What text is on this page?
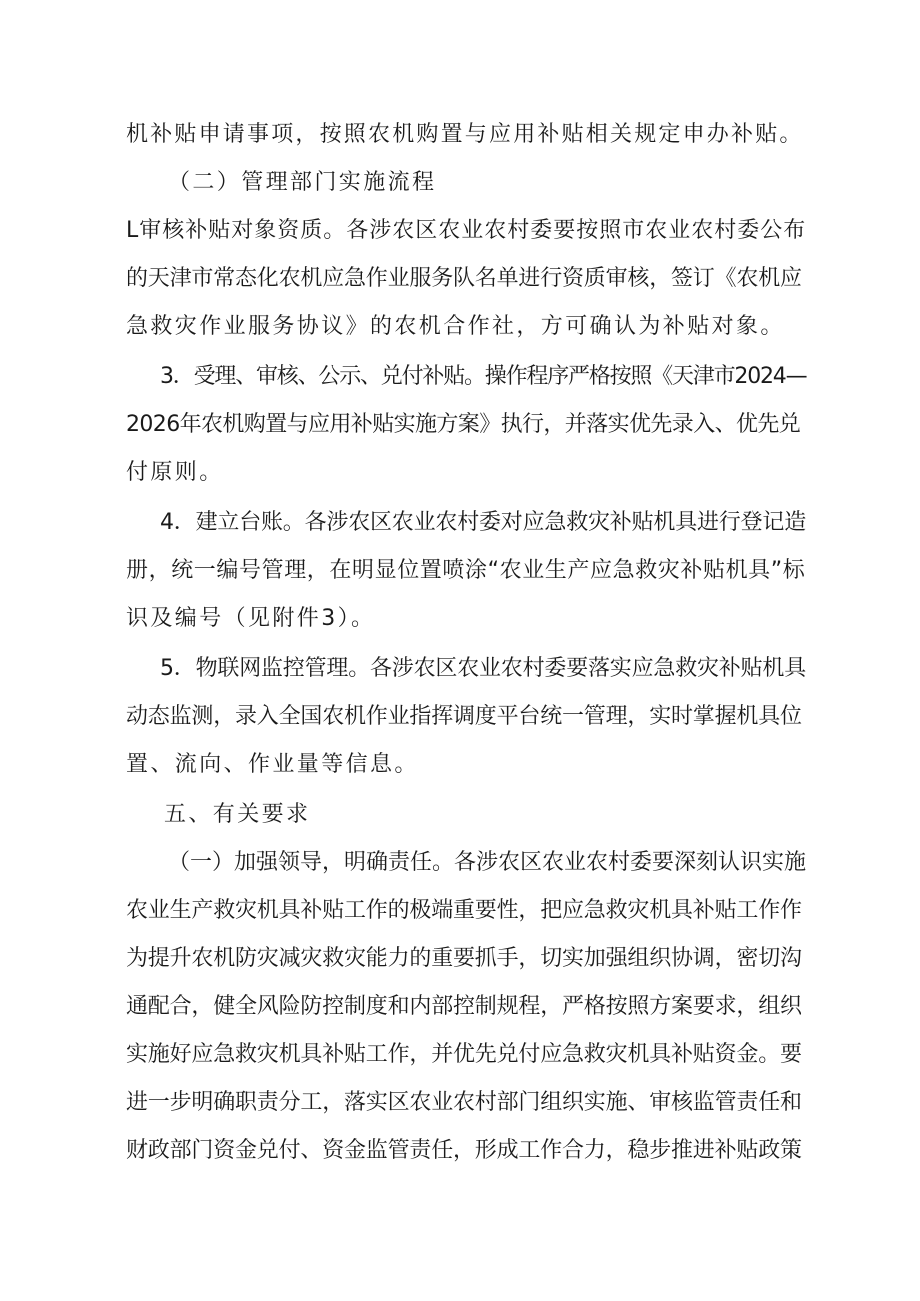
机补贴申请事项，按照农机购置与应用补贴相关规定申办补贴。
（二）管理部门实施流程
L审核补贴对象资质。各涉农区农业农村委要按照市农业农村委公布
的天津市常态化农机应急作业服务队名单进行资质审核，签订《农机应
急救灾作业服务协议》的农机合作社，方可确认为补贴对象。
3．受理、审核、公示、兑付补贴。操作程序严格按照《天津市2024—
2026年农机购置与应用补贴实施方案》执行，并落实优先录入、优先兑
付原则。
4．建立台账。各涉农区农业农村委对应急救灾补贴机具进行登记造
册，统一编号管理，在明显位置喷涂“农业生产应急救灾补贴机具”标
识及编号（见附件3）。
5．物联网监控管理。各涉农区农业农村委要落实应急救灾补贴机具
动态监测，录入全国农机作业指挥调度平台统一管理，实时掌握机具位
置、流向、作业量等信息。
五、有关要求
（一）加强领导，明确责任。各涉农区农业农村委要深刻认识实施
农业生产救灾机具补贴工作的极端重要性，把应急救灾机具补贴工作作
为提升农机防灾减灾救灾能力的重要抓手，切实加强组织协调，密切沟
通配合，健全风险防控制度和内部控制规程，严格按照方案要求，组织
实施好应急救灾机具补贴工作，并优先兑付应急救灾机具补贴资金。要
进一步明确职责分工，落实区农业农村部门组织实施、审核监管责任和
财政部门资金兑付、资金监管责任，形成工作合力，稳步推进补贴政策
